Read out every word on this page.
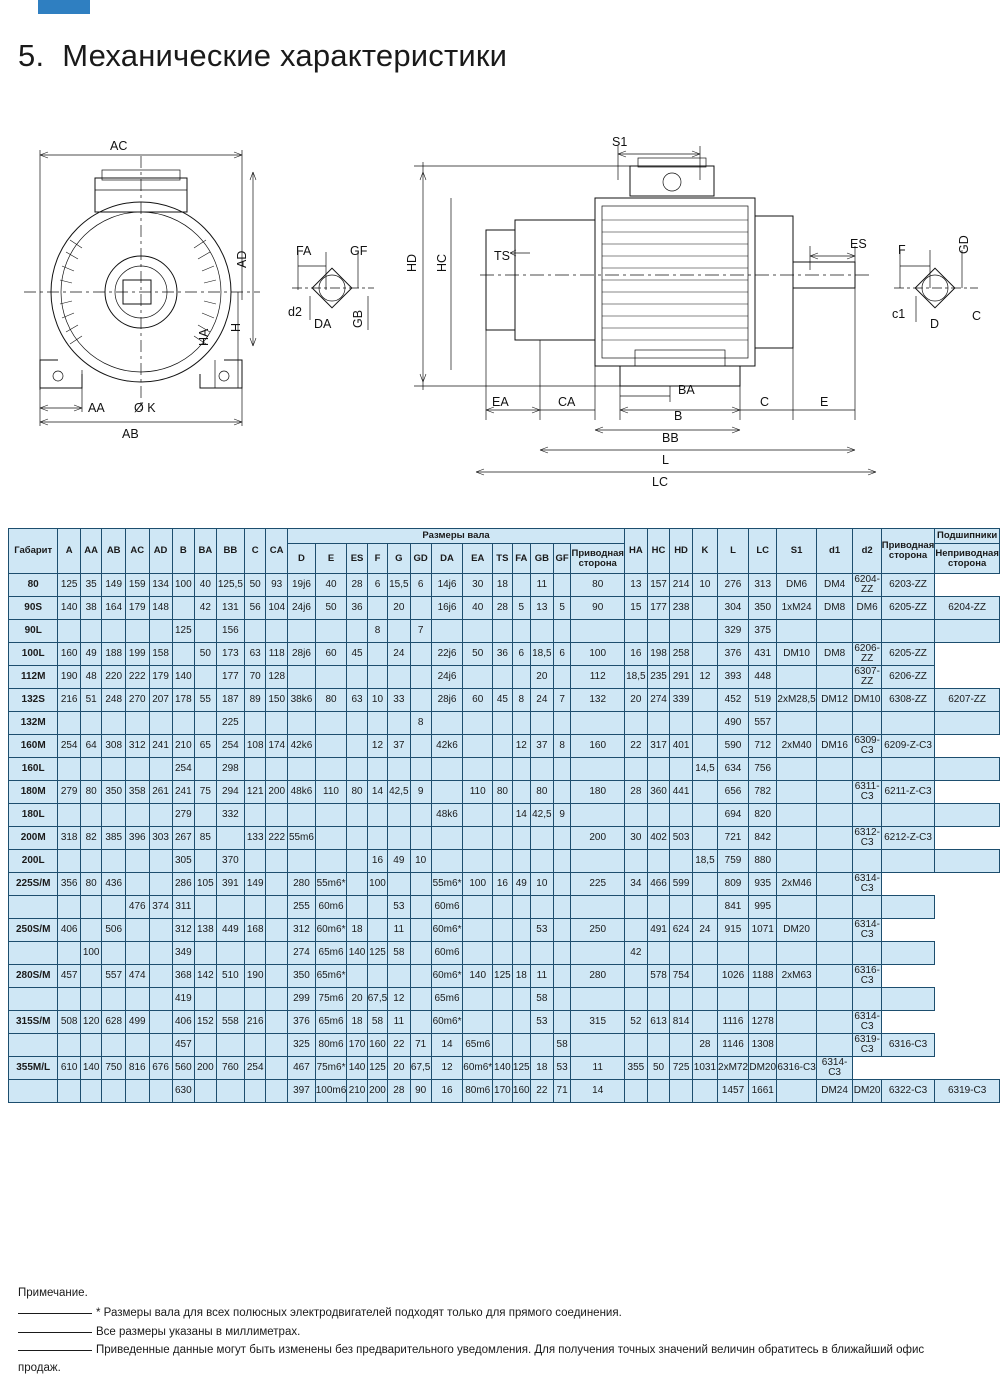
5. Механические характеристики
AC
AD
HA
H
AA Ø K
AB
FA	GF
d2
DA GB
S1
HD HC	TS
ES
EA	CA
BA
B
C	E
BB
L
LC
F	GD
c1
D
C
Габарит	A	AA	AB	AC	AD	B	BA	BB	C	CA	Размеры вала													HA	HC	HD	K	L	LC	S1	d1	d2	Приводная сторона	Подшипники
											D	E	ES	F	G	GD	DA	EA	TS	FA	GB	GF	Приводная сторона											Неприводная сторона
80	125	35	149	159	134	100	40	125,5	50	93	19j6	40	28	6	15,5	6	14j6	30	18		11		80	13	157	214	10	276	313	DM6	DM4	6204-ZZ	6203-ZZ	
90S	140	38	164	179	148		42	131	56	104	24j6	50	36		20		16j6	40	28	5	13	5	90	15	177	238		304	350	1хМ24	DM8	DM6	6205-ZZ	6204-ZZ
90L						125		156						8		7												329	375					
100L	160	49	188	199	158		50	173	63	118	28j6	60	45		24		22j6	50	36	6	18,5	6	100	16	198	258		376	431	DM10	DM8	6206-ZZ	6205-ZZ	
112M	190	48	220	222	179	140		177	70	128							24j6				20		112	18,5	235	291	12	393	448			6307-ZZ	6206-ZZ	
132S	216	51	248	270	207	178	55	187	89	150	38k6	80	63	10	33		28j6	60	45	8	24	7	132	20	274	339		452	519	2хМ28,5	DM12	DM10	6308-ZZ	6207-ZZ
132M								225								8												490	557					
160M	254	64	308	312	241	210	65	254	108	174	42k6			12	37		42k6			12	37	8	160	22	317	401		590	712	2хМ40	DM16	6309-C3	6209-Z-C3	
160L						254		298																			14,5	634	756					
180M	279	80	350	358	261	241	75	294	121	200	48k6	110	80	14	42,5	9		110	80		80		180	28	360	441		656	782			6311-C3	6211-Z-C3	
180L						279		332									48k6			14	42,5	9						694	820					
200M	318	82	385	396	303	267	85		133	222	55m6												200	30	402	503		721	842			6312-C3	6212-Z-C3	
200L						305		370						16	49	10											18,5	759	880					
225S/M	356	80	436			286	105	391	149		280	55m6*		100			55m6*	100	16	49	10		225	34	466	599		809	935	2хМ46		6314-C3		
				476	374	311					255	60m6			53		60m6											841	995					
250S/M	406		506			312	138	449	168		312	60m6*	18		11		60m6*				53		250		491	624	24	915	1071	DM20		6314-C3		
		100				349					274	65m6	140	125	58		60m6							42										
280S/M	457		557	474		368	142	510	190		350	65m6*					60m6*	140	125	18	11		280		578	754		1026	1188	2хМ63		6316-C3		
						419					299	75m6	20	67,5	12		65m6				58													
315S/M	508	120	628	499		406	152	558	216		376	65m6	18	58	11		60m6*				53		315	52	613	814		1116	1278			6314-C3		
						457					325	80m6	170	160	22	71	14	65m6				58					28	1146	1308			6319-C3	6316-C3	
355M/L	610	140	750	816	676	560	200	760	254		467	75m6*	140	125	20	67,5	12	60m6*	140	125	18	53	11	355	50	725	1031	2хМ72	DM20	6316-C3	6314-C3			
						630					397	100m6	210	200	28	90	16	80m6	170	160	22	71	14					1457	1661		DM24	DM20	6322-C3	6319-C3

Примечание.

* Размеры вала для всех полюсных электродвигателей подходят только для прямого соединения.

Все размеры указаны в миллиметрах.

Приведенные данные могут быть изменены без предварительного уведомления. Для получения точных значений величин обратитесь в ближайший офис продаж.
